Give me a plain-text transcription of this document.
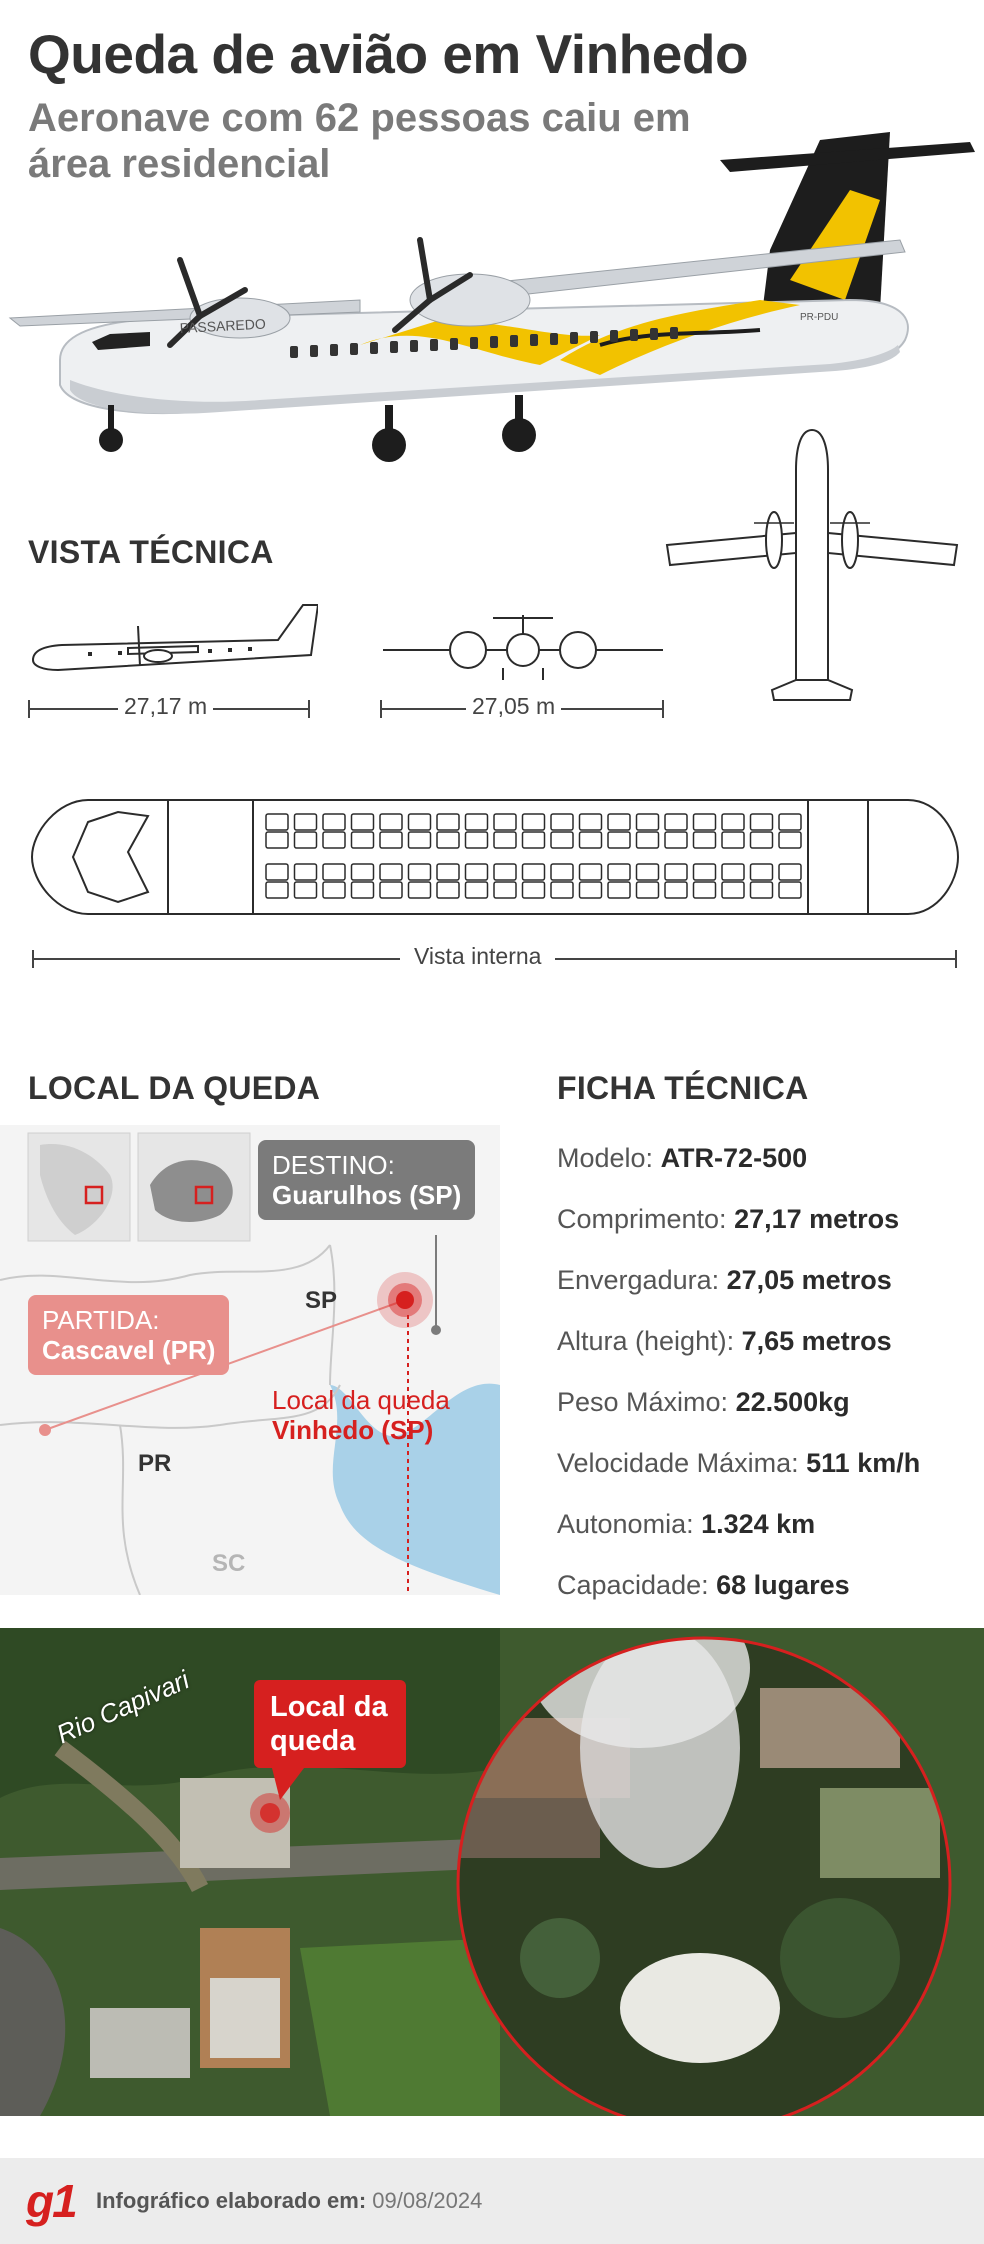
Queda de avião em Vinhedo
Aeronave com 62 pessoas caiu em área residencial
PASSAREDO	PR-PDU
VISTA TÉCNICA
27,17 m	27,05 m
Vista interna
LOCAL DA QUEDA
DESTINO:
Guarulhos (SP)
PARTIDA:
Cascavel (PR)
SP
PR
SC
Local da queda
Vinhedo (SP)
FICHA TÉCNICA
Modelo: ATR-72-500
Comprimento: 27,17 metros
Envergadura: 27,05 metros
Altura (height): 7,65 metros
Peso Máximo: 22.500kg
Velocidade Máxima: 511 km/h
Autonomia: 1.324 km
Capacidade: 68 lugares
Local da queda
Rio Capivari
g1 Infográfico elaborado em: 09/08/2024
